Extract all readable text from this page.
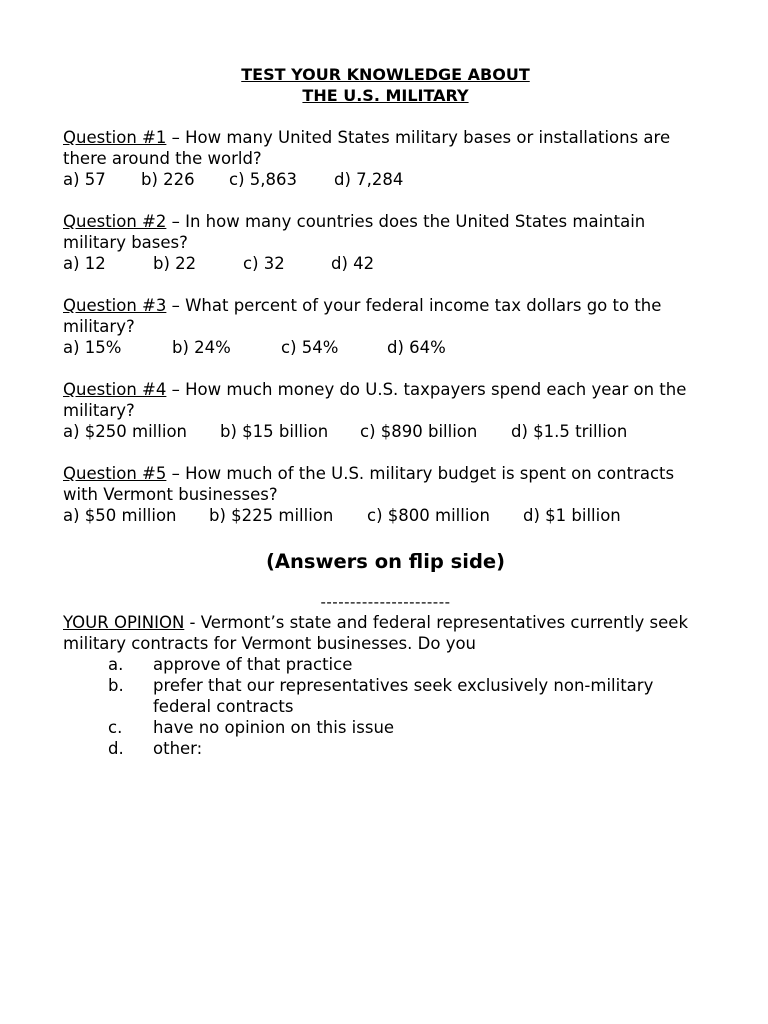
TEST YOUR KNOWLEDGE ABOUT
THE U.S. MILITARY
Question #1 – How many United States military bases or installations are there around the world?
a) 57	b) 226	c) 5,863	d) 7,284
Question #2 – In how many countries does the United States maintain military bases?
a) 12	b) 22	c) 32	d) 42
Question #3 – What percent of your federal income tax dollars go to the military?
a) 15%	b) 24%	c) 54%	d) 64%
Question #4 – How much money do U.S. taxpayers spend each year on the military?
a) $250 million	b) $15 billion	c) $890 billion	d) $1.5 trillion
Question #5 – How much of the U.S. military budget is spent on contracts with Vermont businesses?
a) $50 million	b) $225 million	c) $800 million	d) $1 billion
(Answers on flip side)
----------------------
YOUR OPINION - Vermont’s state and federal representatives currently seek military contracts for Vermont businesses. Do you
a.	approve of that practice
b.	prefer that our representatives seek exclusively non-military federal contracts
c.	have no opinion on this issue
d.	other:
